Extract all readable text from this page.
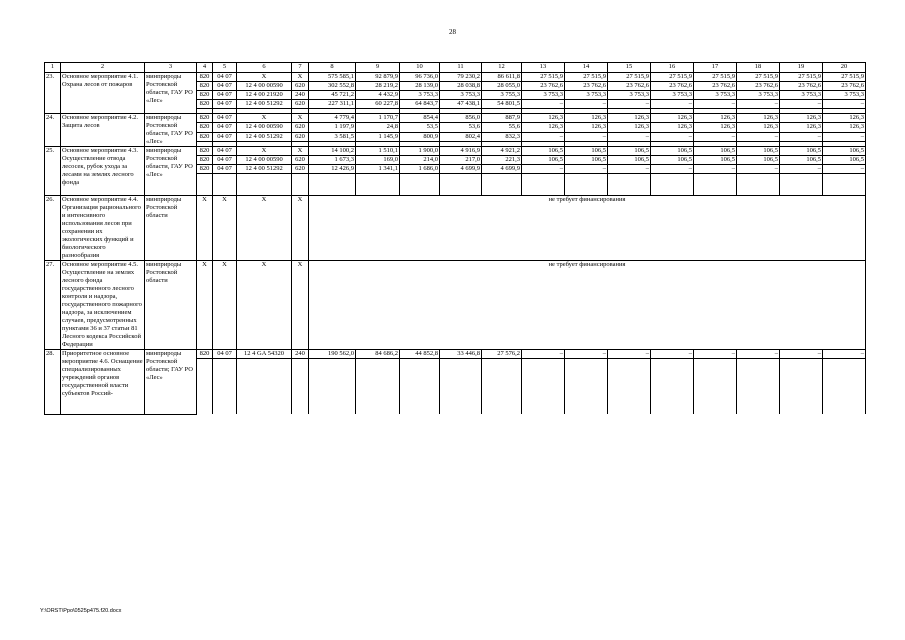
28
1	2	3	4	5	6	7	8	9	10	11	12	13	14	15	16	17	18	19	20
23.	Основное мероприятие 4.1. Охрана лесов от пожаров	минприроды Ростовской области, ГАУ РО «Лес»	820	04 07	X	X	575 585,1	92 879,9	96 736,0	79 230,2	86 611,8	27 515,9	27 515,9	27 515,9	27 515,9	27 515,9	27 515,9	27 515,9	27 515,9
			820	04 07	12 4 00 00590	620	302 552,8	28 219,2	28 139,0	28 038,8	28 055,0	23 762,6	23 762,6	23 762,6	23 762,6	23 762,6	23 762,6	23 762,6	23 762,6
			820	04 07	12 4 00 21920	240	45 721,2	4 432,9	3 753,3	3 753,3	3 755,3	3 753,3	3 753,3	3 753,3	3 753,3	3 753,3	3 753,3	3 753,3	3 753,3
			820	04 07	12 4 00 51292	620	227 311,1	60 227,8	64 843,7	47 438,1	54 801,5	–	–	–	–	–	–	–	–

24.	Основное мероприятие 4.2. Защита лесов	минприроды Ростовской области, ГАУ РО «Лес»	820	04 07	X	X	4 779,4	1 170,7	854,4	856,0	887,9	126,3	126,3	126,3	126,3	126,3	126,3	126,3	126,3
			820	04 07	12 4 00 00590	620	1 197,9	24,8	53,5	53,6	55,6	126,3	126,3	126,3	126,3	126,3	126,3	126,3	126,3
			820	04 07	12 4 00 51292	620	3 581,5	1 145,9	800,9	802,4	832,3	–	–	–	–	–	–	–	–

25.	Основное мероприятие 4.3. Осуществление отвода лесосек, рубок ухода за лесами на землях лесного фонда	минприроды Ростовской области, ГАУ РО «Лес»	820	04 07	X	X	14 100,2	1 510,1	1 900,0	4 916,9	4 921,2	106,5	106,5	106,5	106,5	106,5	106,5	106,5	106,5
			820	04 07	12 4 00 00590	620	1 673,3	169,0	214,0	217,0	221,3	106,5	106,5	106,5	106,5	106,5	106,5	106,5	106,5
			820	04 07	12 4 00 51292	620	12 426,9	1 341,1	1 686,0	4 699,9	4 699,9	–	–	–	–	–	–	–	–

26.	Основное мероприятие 4.4. Организация рационального и интенсивного использования лесов при сохранении их экологических функций и биологического разнообразия	минприроды Ростовской области	X	X	X	X	не требует финансирования												

27.	Основное мероприятие 4.5. Осуществление на землях лесного фонда государственного лесного контроля и надзора, государственного пожарного надзора, за исключением случаев, предусмотренных пунктами 36 и 37 статьи 81 Лесного кодекса Российской Федерации	минприроды Ростовской области	X	X	X	X	не требует финансирования												

28.	Приоритетное основное мероприятие 4.6. Оснащение специализированных учреждений органов государственной власти субъектов Россий-	минприроды Ростовской области; ГАУ РО «Лес»	820	04 07	12 4 GA 54320	240	190 562,0	84 686,2	44 852,8	33 446,8	27 576,2	–	–	–	–	–	–	–	–

Y:\ORST\Ppo\0525p475.f20.docx
